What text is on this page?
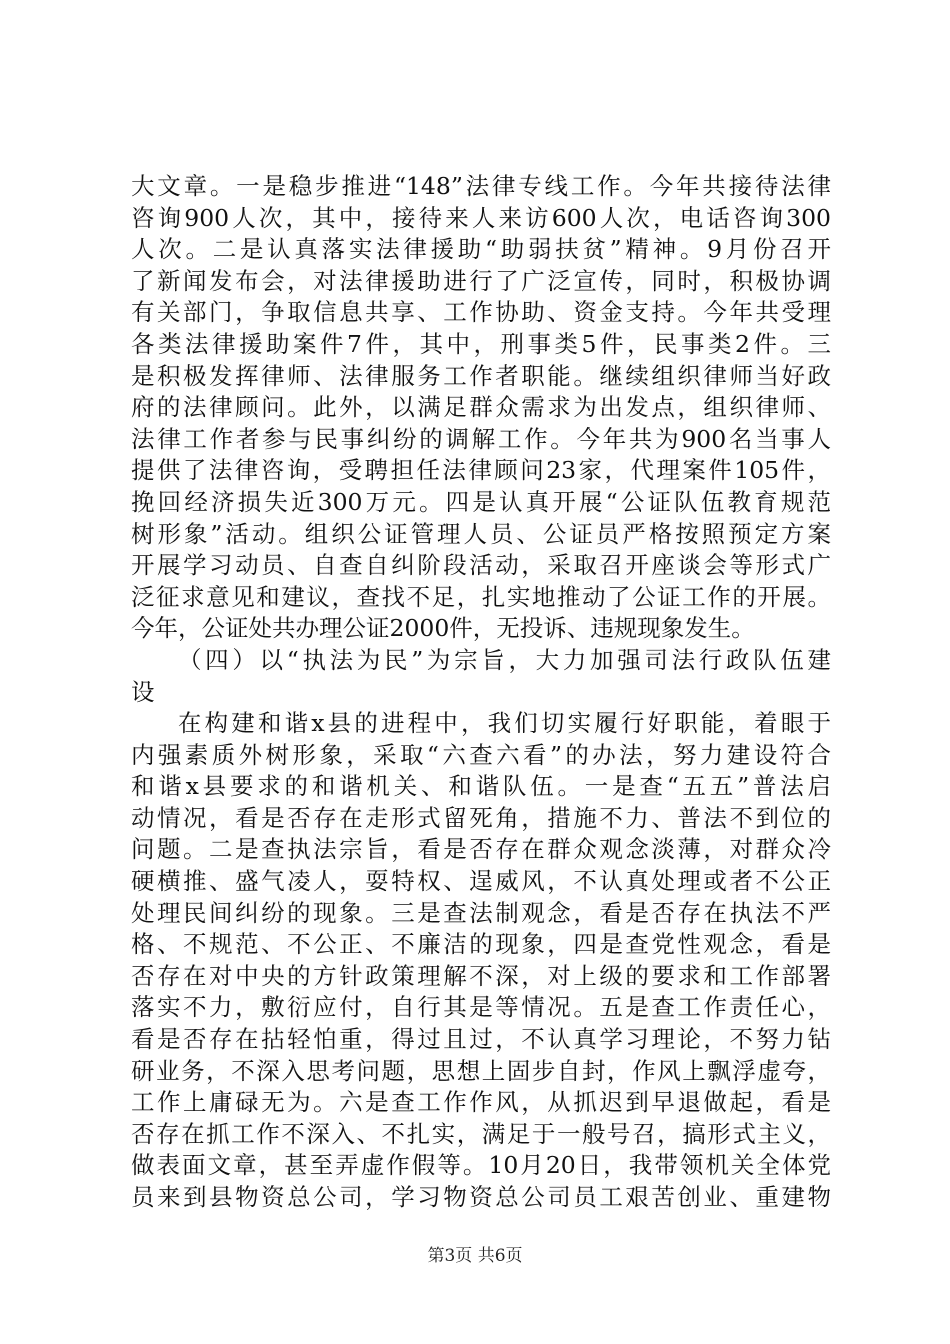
大文章。一是稳步推进“148”法律专线工作。今年共接待法律
咨询900人次，其中，接待来人来访600人次，电话咨询300
人次。二是认真落实法律援助“助弱扶贫”精神。9月份召开
了新闻发布会，对法律援助进行了广泛宣传，同时，积极协调
有关部门，争取信息共享、工作协助、资金支持。今年共受理
各类法律援助案件7件，其中，刑事类5件，民事类2件。三
是积极发挥律师、法律服务工作者职能。继续组织律师当好政
府的法律顾问。此外，以满足群众需求为出发点，组织律师、
法律工作者参与民事纠纷的调解工作。今年共为900名当事人
提供了法律咨询，受聘担任法律顾问23家，代理案件105件，
挽回经济损失近300万元。四是认真开展“公证队伍教育规范
树形象”活动。组织公证管理人员、公证员严格按照预定方案
开展学习动员、自查自纠阶段活动，采取召开座谈会等形式广
泛征求意见和建议，查找不足，扎实地推动了公证工作的开展。
今年，公证处共办理公证2000件，无投诉、违规现象发生。
（四）以“执法为民”为宗旨，大力加强司法行政队伍建
设
在构建和谐x县的进程中，我们切实履行好职能，着眼于
内强素质外树形象，采取“六查六看”的办法，努力建设符合
和谐x县要求的和谐机关、和谐队伍。一是查“五五”普法启
动情况，看是否存在走形式留死角，措施不力、普法不到位的
问题。二是查执法宗旨，看是否存在群众观念淡薄，对群众冷
硬横推、盛气凌人，耍特权、逞威风，不认真处理或者不公正
处理民间纠纷的现象。三是查法制观念，看是否存在执法不严
格、不规范、不公正、不廉洁的现象，四是查党性观念，看是
否存在对中央的方针政策理解不深，对上级的要求和工作部署
落实不力，敷衍应付，自行其是等情况。五是查工作责任心，
看是否存在拈轻怕重，得过且过，不认真学习理论，不努力钻
研业务，不深入思考问题，思想上固步自封，作风上飘浮虚夸，
工作上庸碌无为。六是查工作作风，从抓迟到早退做起，看是
否存在抓工作不深入、不扎实，满足于一般号召，搞形式主义，
做表面文章，甚至弄虚作假等。10月20日，我带领机关全体党
员来到县物资总公司，学习物资总公司员工艰苦创业、重建物
第3页 共6页
